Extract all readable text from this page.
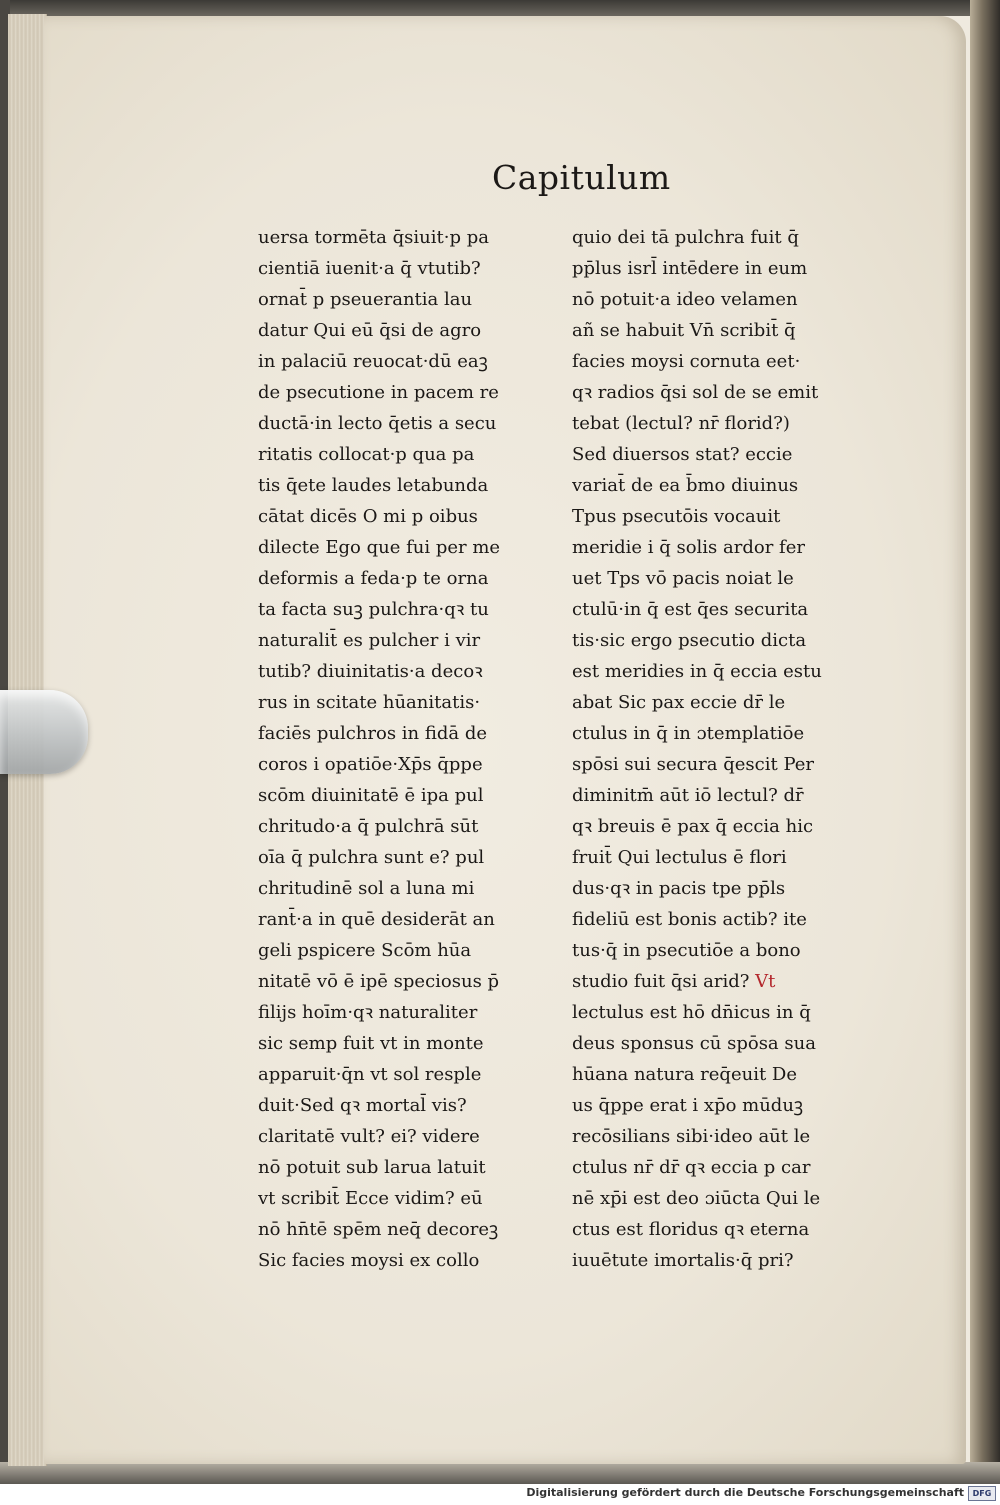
Capitulum
uersa tormēta q̄siuit·p pa
cientiā iuenit·a q̄ vtutib?
ornat̄ p pseuerantia lau
datur Qui eū q̄si de agro
in palaciū reuocat·dū eaꝫ
de psecutione in pacem re
ductā·in lecto q̄etis a secu
ritatis collocat·p qua pa
tis q̄ete laudes letabunda
cātat dicēs O mi p oibus
dilecte Ego que fui per me
deformis a feda·p te orna
ta facta suꝫ pulchra·qꝛ tu
naturalit̄ es pulcher i vir
tutib? diuinitatis·a decoꝛ
rus in scitate hūanitatis·
faciēs pulchros in fidā de
coros i opatiōe·Xp̄s q̄ppe
scōm diuinitatē ē ipa pul
chritudo·a q̄ pulchrā sūt
oīa q̄ pulchra sunt e? pul
chritudinē sol a luna mi
rant̄·a in quē desiderāt an
geli pspicere Scōm hūa
nitatē vō ē ipē speciosus p̄
filijs hoīm·qꝛ naturaliter
sic semp fuit vt in monte
apparuit·q̄n vt sol resple
duit·Sed qꝛ mortal̄ vis?
claritatē vult? ei? videre
nō potuit sub larua latuit
vt scribit̄ Ecce vidim? eū
nō hn̄tē spēm neq̄ decoreꝫ
Sic facies moysi ex collo
quio dei tā pulchra fuit q̄
pp̄lus isrl̄ intēdere in eum
nō potuit·a ideo velamen
añ se habuit Vn̄ scribit̄ q̄
facies moysi cornuta eet·
qꝛ radios q̄si sol de se emit
tebat (lectul? nr̄ florid?)
Sed diuersos stat? eccie
variat̄ de ea b̄mo diuinus
Tpus psecutōis vocauit
meridie i q̄ solis ardor fer
uet Tps vō pacis noiat le
ctulū·in q̄ est q̄es securita
tis·sic ergo psecutio dicta
est meridies in q̄ eccia estu
abat Sic pax eccie dr̄ le
ctulus in q̄ in ɔtemplatiōe
spōsi sui secura q̄escit Per
diminitm̄ aūt iō lectul? dr̄
qꝛ breuis ē pax q̄ eccia hic
fruit̄ Qui lectulus ē flori
dus·qꝛ in pacis tpe pp̄ls
fideliū est bonis actib? ite
tus·q̄ in psecutiōe a bono
studio fuit q̄si arid? Vt
lectulus est hō dn̄icus in q̄
deus sponsus cū spōsa sua
hūana natura req̄euit De
us q̄ppe erat i xp̄o mūduꝫ
recōsilians sibi·ideo aūt le
ctulus nr̄ dr̄ qꝛ eccia p car
nē xp̄i est deo ɔiūcta Qui le
ctus est floridus qꝛ eterna
iuuētute imortalis·q̄ pri?
Digitalisierung gefördert durch die Deutsche Forschungsgemeinschaft	DFG
